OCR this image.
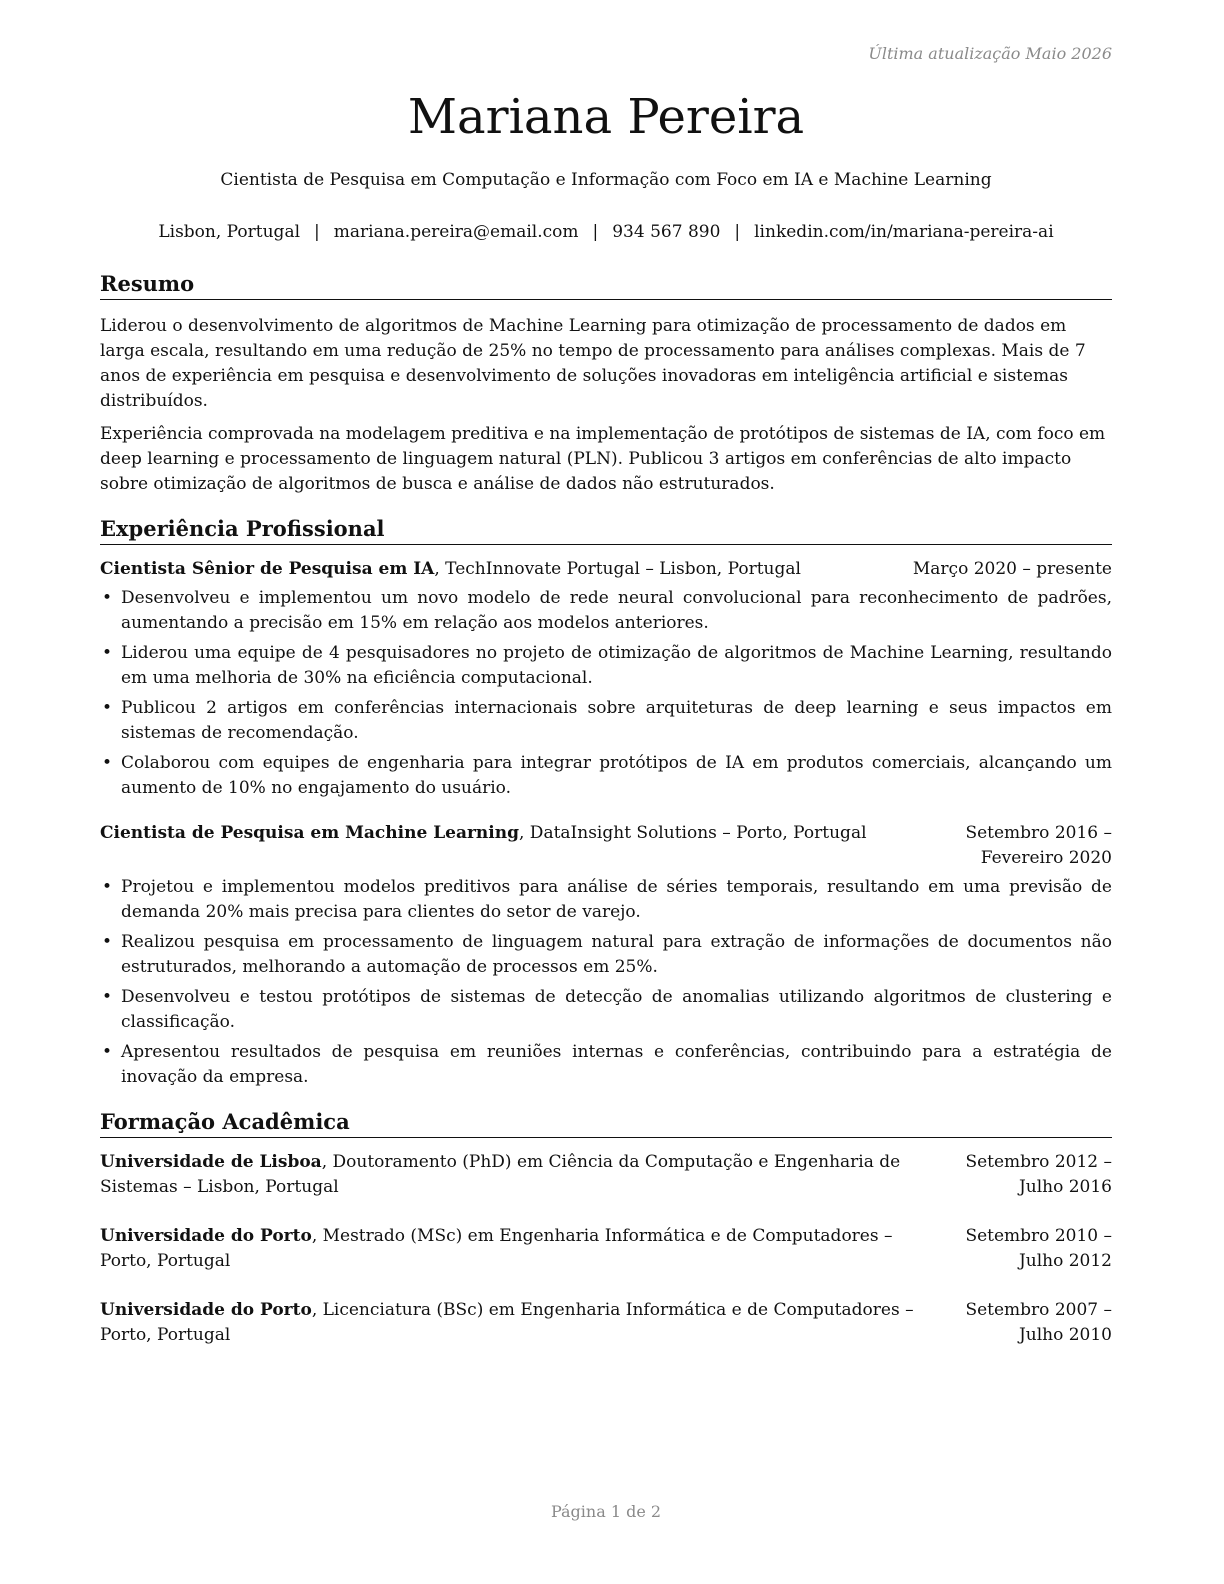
Última atualização Maio 2026
Mariana Pereira
Cientista de Pesquisa em Computação e Informação com Foco em IA e Machine Learning
Lisbon, Portugal | mariana.pereira@email.com | 934 567 890 | linkedin.com/in/mariana-pereira-ai
Resumo

Liderou o desenvolvimento de algoritmos de Machine Learning para otimização de processamento de dados em larga escala, resultando em uma redução de 25% no tempo de processamento para análises complexas. Mais de 7 anos de experiência em pesquisa e desenvolvimento de soluções inovadoras em inteligência artificial e sistemas distribuídos.

Experiência comprovada na modelagem preditiva e na implementação de protótipos de sistemas de IA, com foco em deep learning e processamento de linguagem natural (PLN). Publicou 3 artigos em conferências de alto impacto sobre otimização de algoritmos de busca e análise de dados não estruturados.

Experiência Profissional
Cientista Sênior de Pesquisa em IA, TechInnovate Portugal – Lisbon, Portugal	Março 2020 – presente
• Desenvolveu e implementou um novo modelo de rede neural convolucional para reconhecimento de padrões, aumentando a precisão em 15% em relação aos modelos anteriores.
• Liderou uma equipe de 4 pesquisadores no projeto de otimização de algoritmos de Machine Learning, resultando em uma melhoria de 30% na eficiência computacional.
• Publicou 2 artigos em conferências internacionais sobre arquiteturas de deep learning e seus impactos em sistemas de recomendação.
• Colaborou com equipes de engenharia para integrar protótipos de IA em produtos comerciais, alcançando um aumento de 10% no engajamento do usuário.
Cientista de Pesquisa em Machine Learning, DataInsight Solutions – Porto, Portugal	Setembro 2016 – Fevereiro 2020
• Projetou e implementou modelos preditivos para análise de séries temporais, resultando em uma previsão de demanda 20% mais precisa para clientes do setor de varejo.
• Realizou pesquisa em processamento de linguagem natural para extração de informações de documentos não estruturados, melhorando a automação de processos em 25%.
• Desenvolveu e testou protótipos de sistemas de detecção de anomalias utilizando algoritmos de clustering e classificação.
• Apresentou resultados de pesquisa em reuniões internas e conferências, contribuindo para a estratégia de inovação da empresa.
Formação Acadêmica
Universidade de Lisboa, Doutoramento (PhD) em Ciência da Computação e Engenharia de Sistemas – Lisbon, Portugal
Setembro 2012 – Julho 2016
Universidade do Porto, Mestrado (MSc) em Engenharia Informática e de Computadores – Porto, Portugal
Setembro 2010 – Julho 2012
Universidade do Porto, Licenciatura (BSc) em Engenharia Informática e de Computadores – Porto, Portugal
Setembro 2007 – Julho 2010
Página 1 de 2
